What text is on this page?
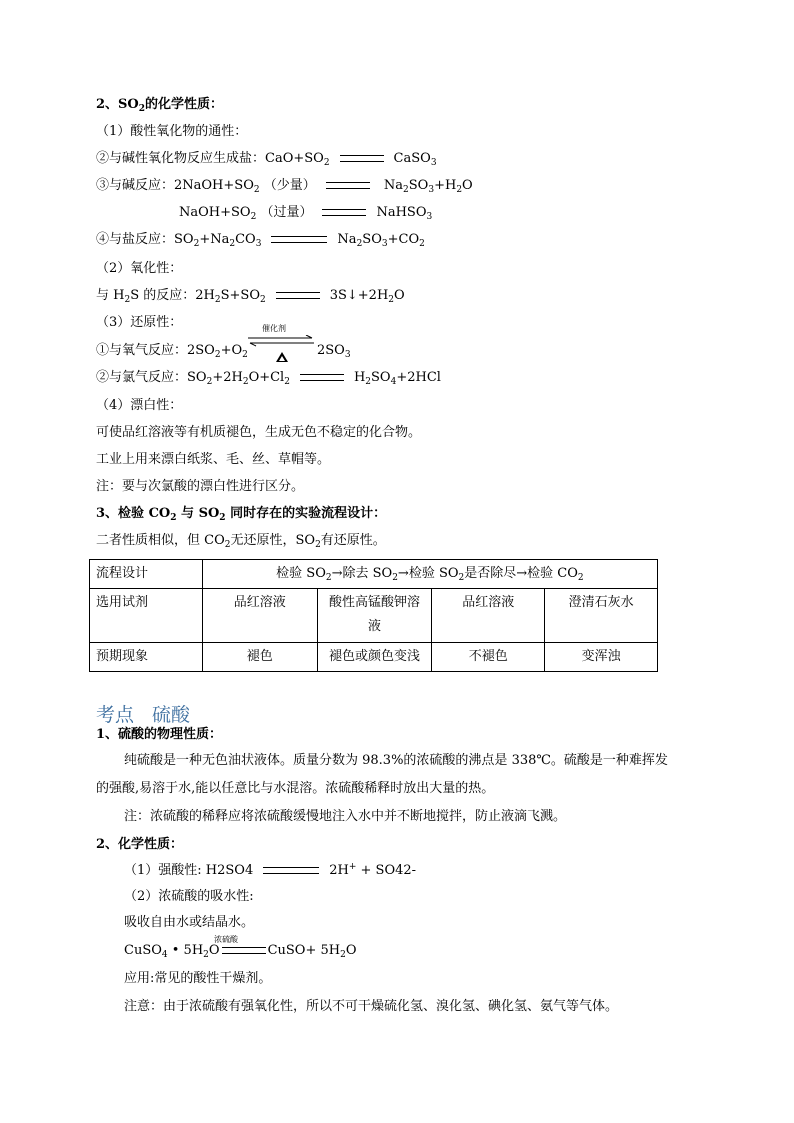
2、$SO_2$的化学性质：
（1）酸性氧化物的通性：
②与碱性氧化物反应生成盐：$CaO+SO_2$	CaSO$_3$
③与碱反应：$2NaOH+SO_2$ （少量）	$Na_2SO_3+H_2O$
$NaOH+SO_2$ （过量）	NaHSO$_3$
④与盐反应：$SO_2+Na_2CO_3$	$Na_2SO_3+CO_2$
（2）氧化性：
与 $H_2S$ 的反应：$2H_2S+SO_2$	$3S↓+2H_2O$
（3）还原性：	催化剂
①与氧气反应：$2SO_2+O_2$	$2SO_3$
②与氯气反应：$SO_2+2H_2O+Cl_2$	$H_2SO_4+2HCl$
（4）漂白性：
可使品红溶液等有机质褪色，生成无色不稳定的化合物。
工业上用来漂白纸浆、毛、丝、草帽等。
注：要与次氯酸的漂白性进行区分。
3、检验 $CO_2$ 与 $SO_2$ 同时存在的实验流程设计：
二者性质相似，但 $CO_2$无还原性，$SO_2$有还原性。
流程设计	检验 $SO_2\to$除去 $SO_2\to$检验 $SO_2$是否除尽→检验 $CO_2$
选用试剂	品红溶液	酸性高锰酸钾溶液	品红溶液	澄清石灰水
预期现象	褪色	褪色或颜色变浅	不褪色	变浑浊
考点 硫酸
1、硫酸的物理性质：
纯硫酸是一种无色油状液体。质量分数为 98.3%的浓硫酸的沸点是 338℃。硫酸是一种难挥发
的强酸,易溶于水,能以任意比与水混溶。浓硫酸稀释时放出大量的热。
注：浓硫酸的稀释应将浓硫酸缓慢地注入水中并不断地搅拌，防止液滴飞溅。
2、化学性质：
（1）强酸性: H2SO4	2H+ + SO42-
（2）浓硫酸的吸水性:
吸收自由水或结晶水。
浓硫酸
CuSO$_4$ • $5H_2O$	CuSO+ $5H_2O$
应用:常见的酸性干燥剂。
注意：由于浓硫酸有强氧化性，所以不可干燥硫化氢、溴化氢、碘化氢、氨气等气体。
